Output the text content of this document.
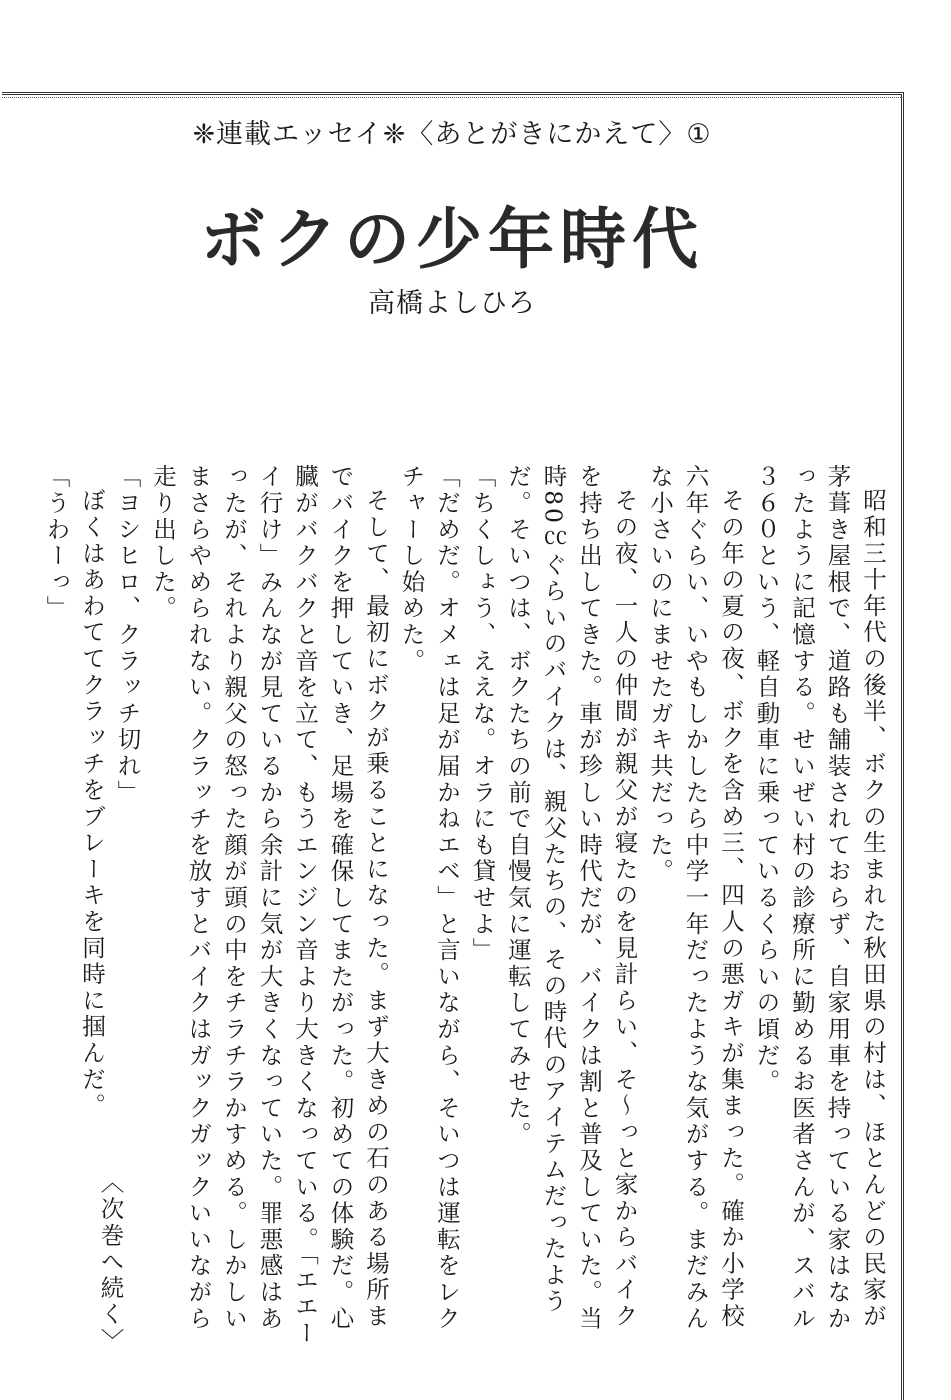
❈連載エッセイ❈〈あとがきにかえて〉①
ボクの少年時代
高橋よしひろ

昭和三十年代の後半、ボクの生まれた秋田県の村は、ほとんどの民家が茅葺き屋根で、道路も舗装されておらず、自家用車を持っている家はなかったように記憶する。せいぜい村の診療所に勤めるお医者さんが、スバル３６０という、軽自動車に乗っているくらいの頃だ。

その年の夏の夜、ボクを含め三、四人の悪ガキが集まった。確か小学校六年ぐらい、いやもしかしたら中学一年だったような気がする。まだみんな小さいのにませたガキ共だった。

その夜、一人の仲間が親父が寝たのを見計らい、そ〜っと家からバイクを持ち出してきた。車が珍しい時代だが、バイクは割と普及していた。当時80㏄ぐらいのバイクは、親父たちの、その時代のアイテムだったようだ。そいつは、ボクたちの前で自慢気に運転してみせた。

「ちくしょう、ええな。オラにも貸せよ」

「だめだ。オメェは足が届かねエベ」と言いながら、そいつは運転をレクチャーし始めた。

そして、最初にボクが乗ることになった。まず大きめの石のある場所までバイクを押していき、足場を確保してまたがった。初めての体験だ。心臓がバクバクと音を立て、もうエンジン音より大きくなっている。「エエーイ行け」みんなが見ているから余計に気が大きくなっていた。罪悪感はあったが、それより親父の怒った顔が頭の中をチラチラかすめる。しかしいまさらやめられない。クラッチを放すとバイクはガックガックいいながら走り出した。

「ヨシヒロ、クラッチ切れ」

ぼくはあわててクラッチをブレーキを同時に掴んだ。

「うわーっ」

〈次巻へ続く〉
